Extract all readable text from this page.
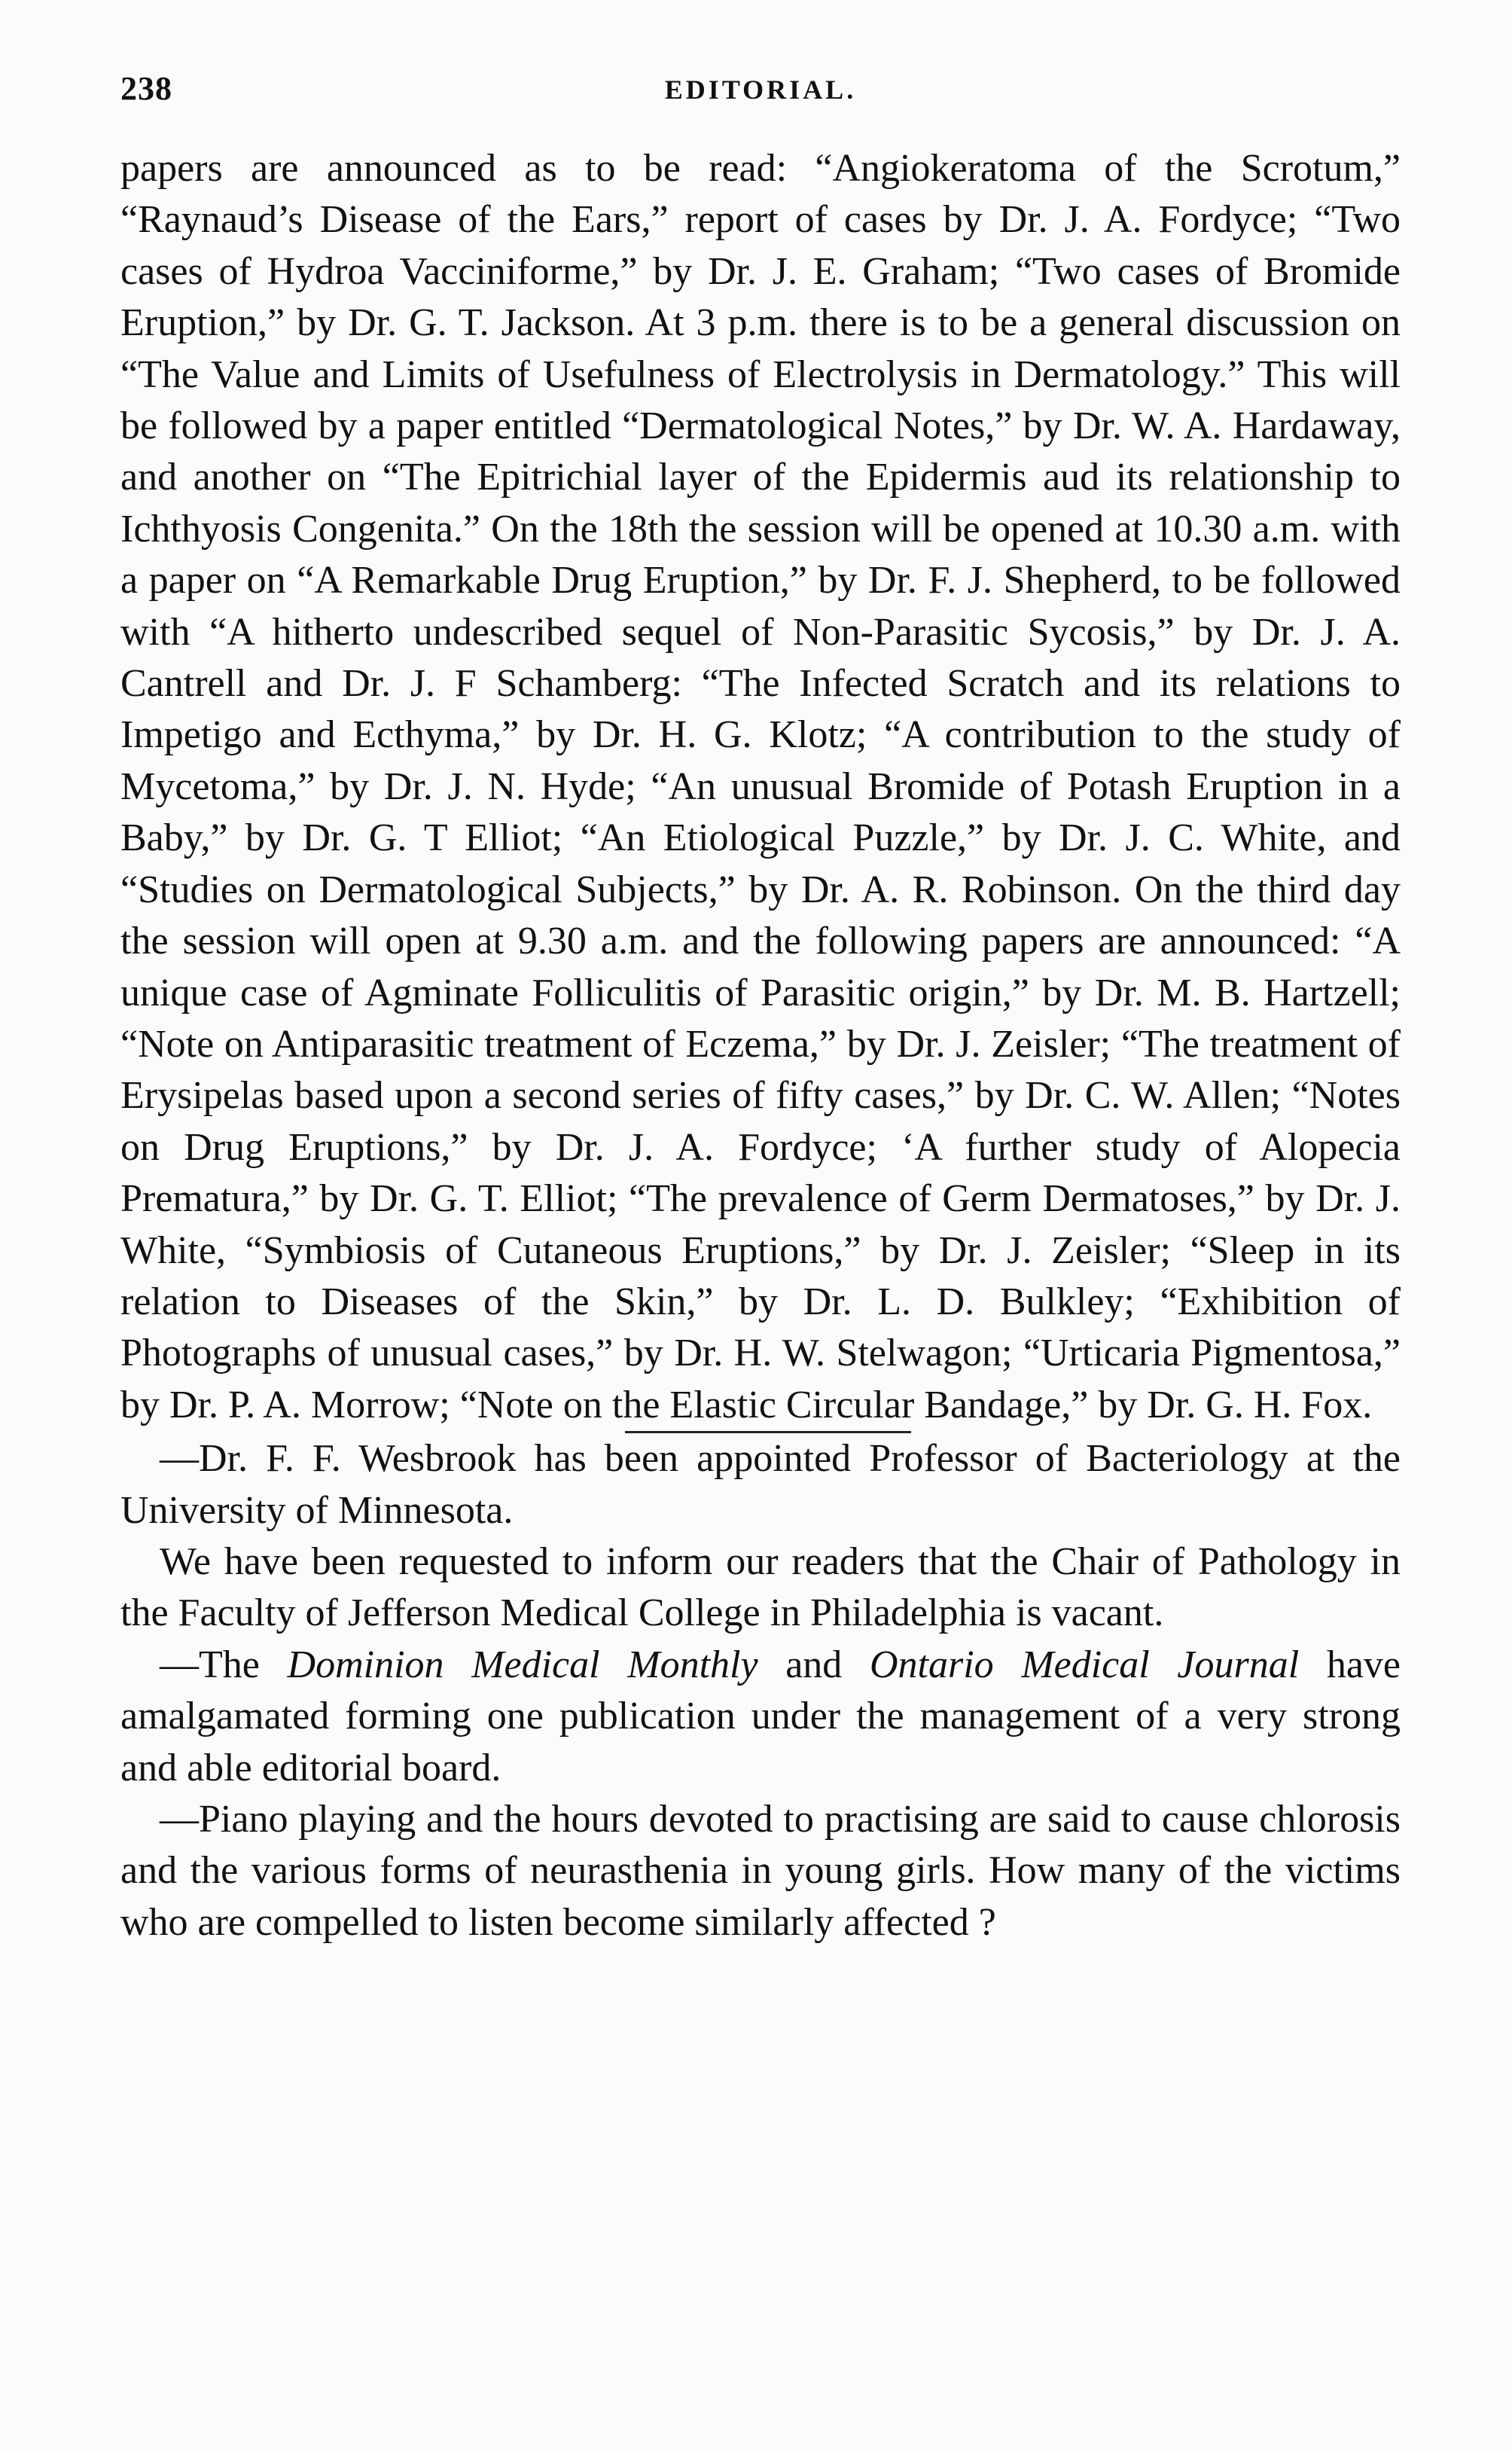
238	EDITORIAL.

papers are announced as to be read: “Angiokeratoma of the Scrotum,” “Raynaud’s Disease of the Ears,” report of cases by Dr. J. A. Fordyce; “Two cases of Hydroa Vacciniforme,” by Dr. J. E. Graham; “Two cases of Bromide Eruption,” by Dr. G. T. Jackson. At 3 p.m. there is to be a general discussion on “The Value and Limits of Usefulness of Electrolysis in Dermatology.” This will be followed by a paper entitled “Dermatological Notes,” by Dr. W. A. Hardaway, and another on “The Epitrichial layer of the Epidermis aud its relationship to Ichthyosis Congenita.” On the 18th the session will be opened at 10.30 a.m. with a paper on “A Remarkable Drug Eruption,” by Dr. F. J. Shepherd, to be followed with “A hitherto undescribed sequel of Non-Parasitic Sycosis,” by Dr. J. A. Cantrell and Dr. J. F Schamberg: “The Infected Scratch and its relations to Impetigo and Ecthyma,” by Dr. H. G. Klotz; “A contribution to the study of Mycetoma,” by Dr. J. N. Hyde; “An unusual Bromide of Potash Eruption in a Baby,” by Dr. G. T Elliot; “An Etiological Puzzle,” by Dr. J. C. White, and “Studies on Dermatological Subjects,” by Dr. A. R. Robinson. On the third day the session will open at 9.30 a.m. and the following papers are announced: “A unique case of Agminate Folliculitis of Parasitic origin,” by Dr. M. B. Hartzell; “Note on Antiparasitic treatment of Eczema,” by Dr. J. Zeisler; “The treatment of Erysipelas based upon a second series of fifty cases,” by Dr. C. W. Allen; “Notes on Drug Eruptions,” by Dr. J. A. Fordyce; ‘A further study of Alopecia Prematura,” by Dr. G. T. Elliot; “The prevalence of Germ Dermatoses,” by Dr. J. White, “Symbiosis of Cutaneous Eruptions,” by Dr. J. Zeisler; “Sleep in its relation to Diseases of the Skin,” by Dr. L. D. Bulkley; “Exhibition of Photographs of unusual cases,” by Dr. H. W. Stelwagon; “Urticaria Pigmentosa,” by Dr. P. A. Morrow; “Note on the Elastic Circular Bandage,” by Dr. G. H. Fox.

—Dr. F. F. Wesbrook has been appointed Professor of Bacteriology at the University of Minnesota.

We have been requested to inform our readers that the Chair of Pathology in the Faculty of Jefferson Medical College in Philadelphia is vacant.

—The Dominion Medical Monthly and Ontario Medical Journal have amalgamated forming one publication under the management of a very strong and able editorial board.

—Piano playing and the hours devoted to practising are said to cause chlorosis and the various forms of neurasthenia in young girls. How many of the victims who are compelled to listen become similarly affected ?
